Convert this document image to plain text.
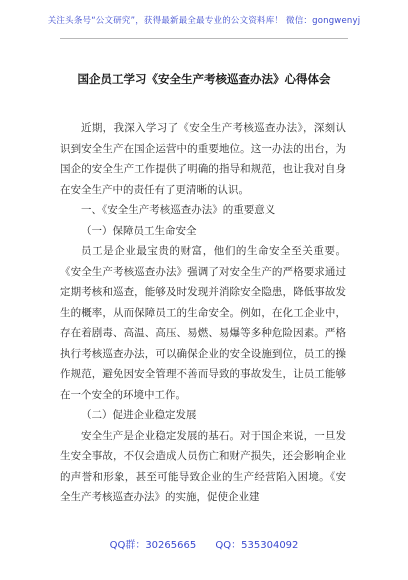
关注头条号“公文研究”，获得最新最全最专业的公文资料库！ 微信：gongwenyj
国企员工学习《安全生产考核巡查办法》心得体会

近期，我深入学习了《安全生产考核巡查办法》，深刻认识到安全生产在国企运营中的重要地位。这一办法的出台，为国企的安全生产工作提供了明确的指导和规范，也让我对自身在安全生产中的责任有了更清晰的认识。

一、《安全生产考核巡查办法》的重要意义

（一）保障员工生命安全

员工是企业最宝贵的财富，他们的生命安全至关重要。《安全生产考核巡查办法》强调了对安全生产的严格要求通过定期考核和巡查，能够及时发现并消除安全隐患，降低事故发生的概率，从而保障员工的生命安全。例如，在化工企业中，存在着剧毒、高温、高压、易燃、易爆等多种危险因素。严格执行考核巡查办法，可以确保企业的安全设施到位，员工的操作规范，避免因安全管理不善而导致的事故发生，让员工能够在一个安全的环境中工作。

（二）促进企业稳定发展

安全生产是企业稳定发展的基石。对于国企来说，一旦发生安全事故，不仅会造成人员伤亡和财产损失，还会影响企业的声誉和形象，甚至可能导致企业的生产经营陷入困境。《安全生产考核巡查办法》的实施，促使企业建

QQ群：30265665 QQ：535304092
